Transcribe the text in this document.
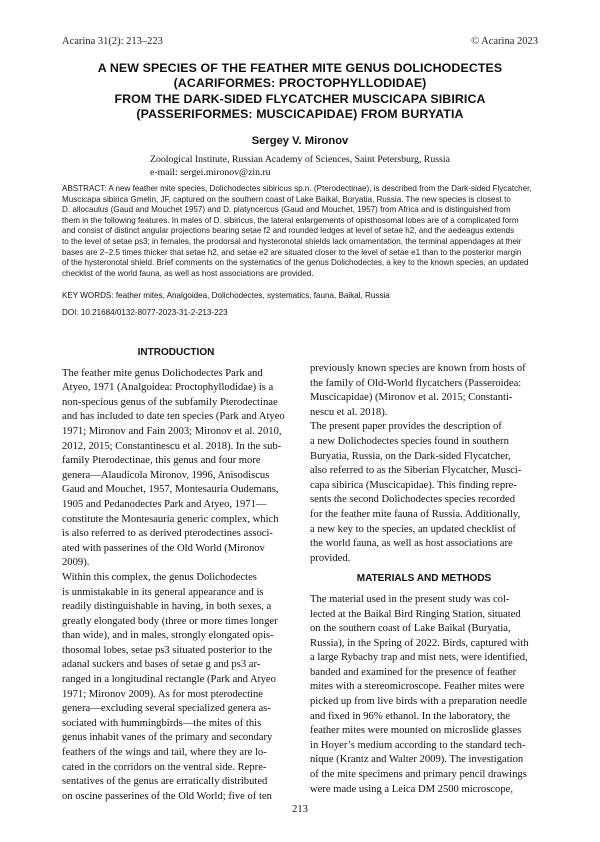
Acarina 31(2): 213–223	© Acarina 2023
A NEW SPECIES OF THE FEATHER MITE GENUS DOLICHODECTES
(ACARIFORMES: PROCTOPHYLLODIDAE)
FROM THE DARK-SIDED FLYCATCHER MUSCICAPA SIBIRICA
(PASSERIFORMES: MUSCICAPIDAE) FROM BURYATIA
Sergey V. Mironov
Zoological Institute, Russian Academy of Sciences, Saint Petersburg, Russia
e-mail: sergei.mironov@zin.ru
ABSTRACT: A new feather mite species, Dolichodectes sibiricus sp.n. (Pterodectinae), is described from the Dark-sided Flycatcher,
Muscicapa sibirica Gmelin, JF, captured on the southern coast of Lake Baikal, Buryatia, Russia. The new species is closest to
D. allocaulus (Gaud and Mouchet 1957) and D. platyncercus (Gaud and Mouchet, 1957) from Africa and is distinguished from
them in the following features. In males of D. sibiricus, the lateral enlargements of opisthosomal lobes are of a complicated form
and consist of distinct angular projections bearing setae f2 and rounded ledges at level of setae h2, and the aedeagus extends
to the level of setae ps3; in females, the prodorsal and hysteronotal shields lack ornamentation, the terminal appendages at their
bases are 2–2.5 times thicker that setae h2, and setae e2 are situated closer to the level of setae e1 than to the posterior margin
of the hysteronotal shield. Brief comments on the systematics of the genus Dolichodectes, a key to the known species, an updated
checklist of the world fauna, as well as host associations are provided.
KEY WORDS: feather mites, Analgoidea, Dolichodectes, systematics, fauna, Baikal, Russia
DOI: 10.21684/0132-8077-2023-31-2-213-223
INTRODUCTION
The feather mite genus Dolichodectes Park and
Atyeo, 1971 (Analgoidea: Proctophyllodidae) is a
non-specious genus of the subfamily Pterodectinae
and has included to date ten species (Park and Atyeo
1971; Mironov and Fain 2003; Mironov et al. 2010,
2012, 2015; Constantinescu et al. 2018). In the sub-
family Pterodectinae, this genus and four more
genera—Alaudicola Mironov, 1996, Anisodiscus
Gaud and Mouchet, 1957, Montesauria Oudemans,
1905 and Pedanodectes Park and Atyeo, 1971—
constitute the Montesauria generic complex, which
is also referred to as derived pterodectines associ-
ated with passerines of the Old World (Mironov
2009).
Within this complex, the genus Dolichodectes
is unmistakable in its general appearance and is
readily distinguishable in having, in both sexes, a
greatly elongated body (three or more times longer
than wide), and in males, strongly elongated opis-
thosomal lobes, setae ps3 situated posterior to the
adanal suckers and bases of setae g and ps3 ar-
ranged in a longitudinal rectangle (Park and Atyeo
1971; Mironov 2009). As for most pterodectine
genera—excluding several specialized genera as-
sociated with hummingbirds—the mites of this
genus inhabit vanes of the primary and secondary
feathers of the wings and tail, where they are lo-
cated in the corridors on the ventral side. Repre-
sentatives of the genus are erratically distributed
on oscine passerines of the Old World; five of ten
previously known species are known from hosts of
the family of Old-World flycatchers (Passeroidea:
Muscicapidae) (Mironov et al. 2015; Constanti-
nescu et al. 2018).
The present paper provides the description of
a new Dolichodectes species found in southern
Buryatia, Russia, on the Dark-sided Flycatcher,
also referred to as the Siberian Flycatcher, Musci-
capa sibirica (Muscicapidae). This finding repre-
sents the second Dolichodectes species recorded
for the feather mite fauna of Russia. Additionally,
a new key to the species, an updated checklist of
the world fauna, as well as host associations are
provided.
MATERIALS AND METHODS
The material used in the present study was col-
lected at the Baikal Bird Ringing Station, situated
on the southern coast of Lake Baikal (Buryatia,
Russia), in the Spring of 2022. Birds, captured with
a large Rybachy trap and mist nets, were identified,
banded and examined for the presence of feather
mites with a stereomicroscope. Feather mites were
picked up from live birds with a preparation needle
and fixed in 96% ethanol. In the laboratory, the
feather mites were mounted on microslide glasses
in Hoyer’s medium according to the standard tech-
nique (Krantz and Walter 2009). The investigation
of the mite specimens and primary pencil drawings
were made using a Leica DM 2500 microscope,
213
